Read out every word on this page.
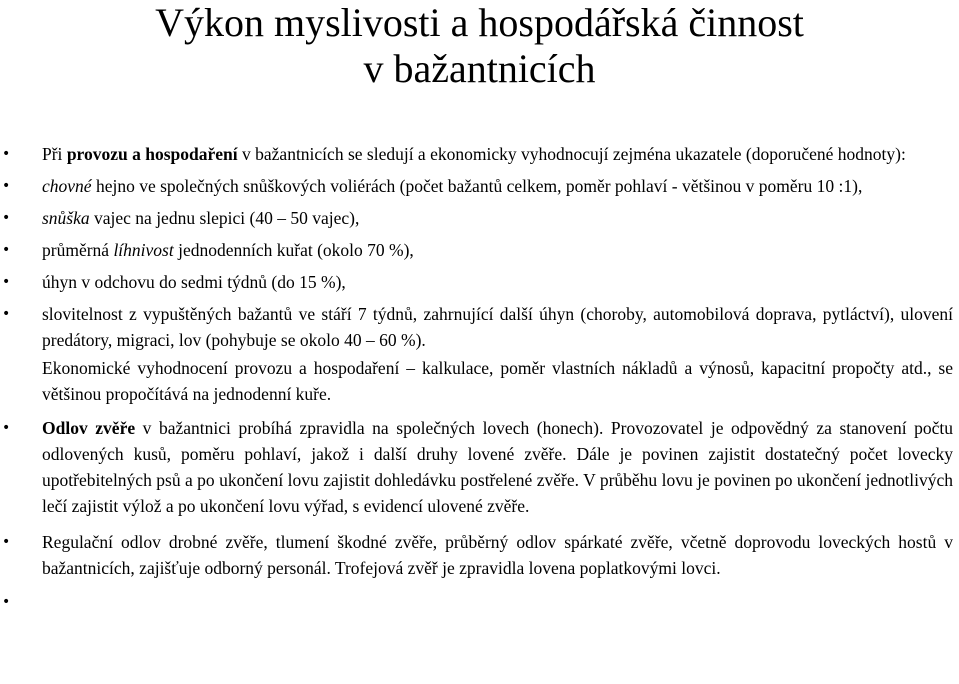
Výkon myslivosti a hospodářská činnost
v bažantnicích
• Při provozu a hospodaření v bažantnicích se sledují a ekonomicky vyhodnocují zejména ukazatele (doporučené hodnoty):
• chovné hejno ve společných snůškových voliérách (počet bažantů celkem, poměr pohlaví - většinou v poměru 10 :1),
• snůška vajec na jednu slepici (40 – 50 vajec),
• průměrná líhnivost jednodenních kuřat (okolo 70 %),
• úhyn v odchovu do sedmi týdnů (do 15 %),
• slovitelnost z vypuštěných bažantů ve stáří 7 týdnů, zahrnující další úhyn (choroby, automobilová doprava, pytláctví), ulovení predátory, migraci, lov (pohybuje se okolo 40 – 60 %).
Ekonomické vyhodnocení provozu a hospodaření – kalkulace, poměr vlastních nákladů a výnosů, kapacitní propočty atd., se většinou propočítává na jednodenní kuře.
• Odlov zvěře v bažantnici probíhá zpravidla na společných lovech (honech). Provozovatel je odpovědný za stanovení počtu odlovených kusů, poměru pohlaví, jakož i další druhy lovené zvěře. Dále je povinen zajistit dostatečný počet lovecky upotřebitelných psů a po ukončení lovu zajistit dohledávku postřelené zvěře. V průběhu lovu je povinen po ukončení jednotlivých lečí zajistit výlož a po ukončení lovu výřad, s evidencí ulovené zvěře.
• Regulační odlov drobné zvěře, tlumení škodné zvěře, průběrný odlov spárkaté zvěře, včetně doprovodu loveckých hostů v bažantnicích, zajišťuje odborný personál. Trofejová zvěř je zpravidla lovena poplatkovými lovci.
•
